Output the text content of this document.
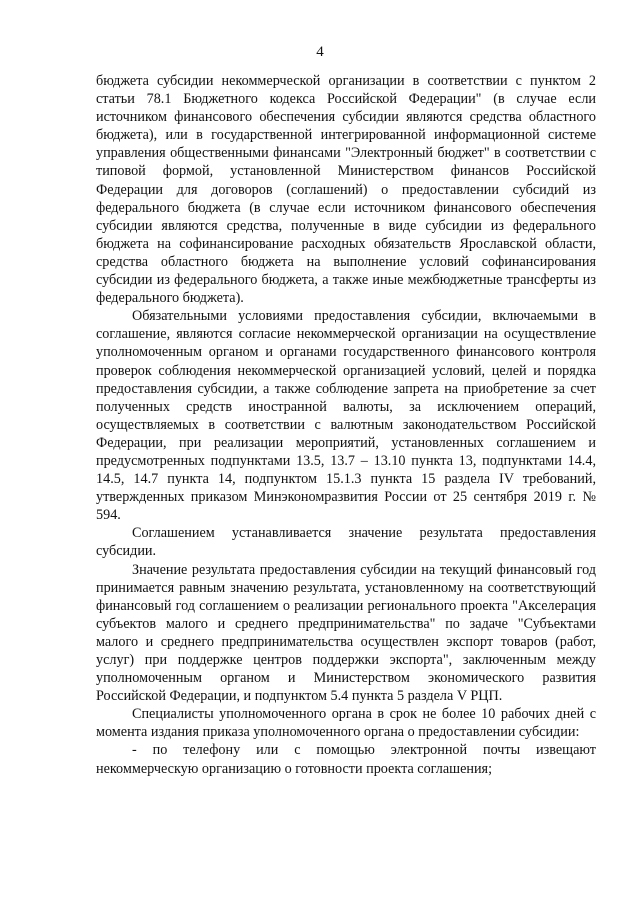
4

бюджета субсидии некоммерческой организации в соответствии с пунктом 2 статьи 78.1 Бюджетного кодекса Российской Федерации" (в случае если источником финансового обеспечения субсидии являются средства областного бюджета), или в государственной интегрированной информационной системе управления общественными финансами "Электронный бюджет" в соответствии с типовой формой, установленной Министерством финансов Российской Федерации для договоров (соглашений) о предоставлении субсидий из федерального бюджета (в случае если источником финансового обеспечения субсидии являются средства, полученные в виде субсидии из федерального бюджета на софинансирование расходных обязательств Ярославской области, средства областного бюджета на выполнение условий софинансирования субсидии из федерального бюджета, а также иные межбюджетные трансферты из федерального бюджета).

Обязательными условиями предоставления субсидии, включаемыми в соглашение, являются согласие некоммерческой организации на осуществление уполномоченным органом и органами государственного финансового контроля проверок соблюдения некоммерческой организацией условий, целей и порядка предоставления субсидии, а также соблюдение запрета на приобретение за счет полученных средств иностранной валюты, за исключением операций, осуществляемых в соответствии с валютным законодательством Российской Федерации, при реализации мероприятий, установленных соглашением и предусмотренных подпунктами 13.5, 13.7 – 13.10 пункта 13, подпунктами 14.4, 14.5, 14.7 пункта 14, подпунктом 15.1.3 пункта 15 раздела IV требований, утвержденных приказом Минэкономразвития России от 25 сентября 2019 г. № 594.

Соглашением устанавливается значение результата предоставления субсидии.

Значение результата предоставления субсидии на текущий финансовый год принимается равным значению результата, установленному на соответствующий финансовый год соглашением о реализации регионального проекта "Акселерация субъектов малого и среднего предпринимательства" по задаче "Субъектами малого и среднего предпринимательства осуществлен экспорт товаров (работ, услуг) при поддержке центров поддержки экспорта", заключенным между уполномоченным органом и Министерством экономического развития Российской Федерации, и подпунктом 5.4 пункта 5 раздела V РЦП.

Специалисты уполномоченного органа в срок не более 10 рабочих дней с момента издания приказа уполномоченного органа о предоставлении субсидии:

- по телефону или с помощью электронной почты извещают некоммерческую организацию о готовности проекта соглашения;
